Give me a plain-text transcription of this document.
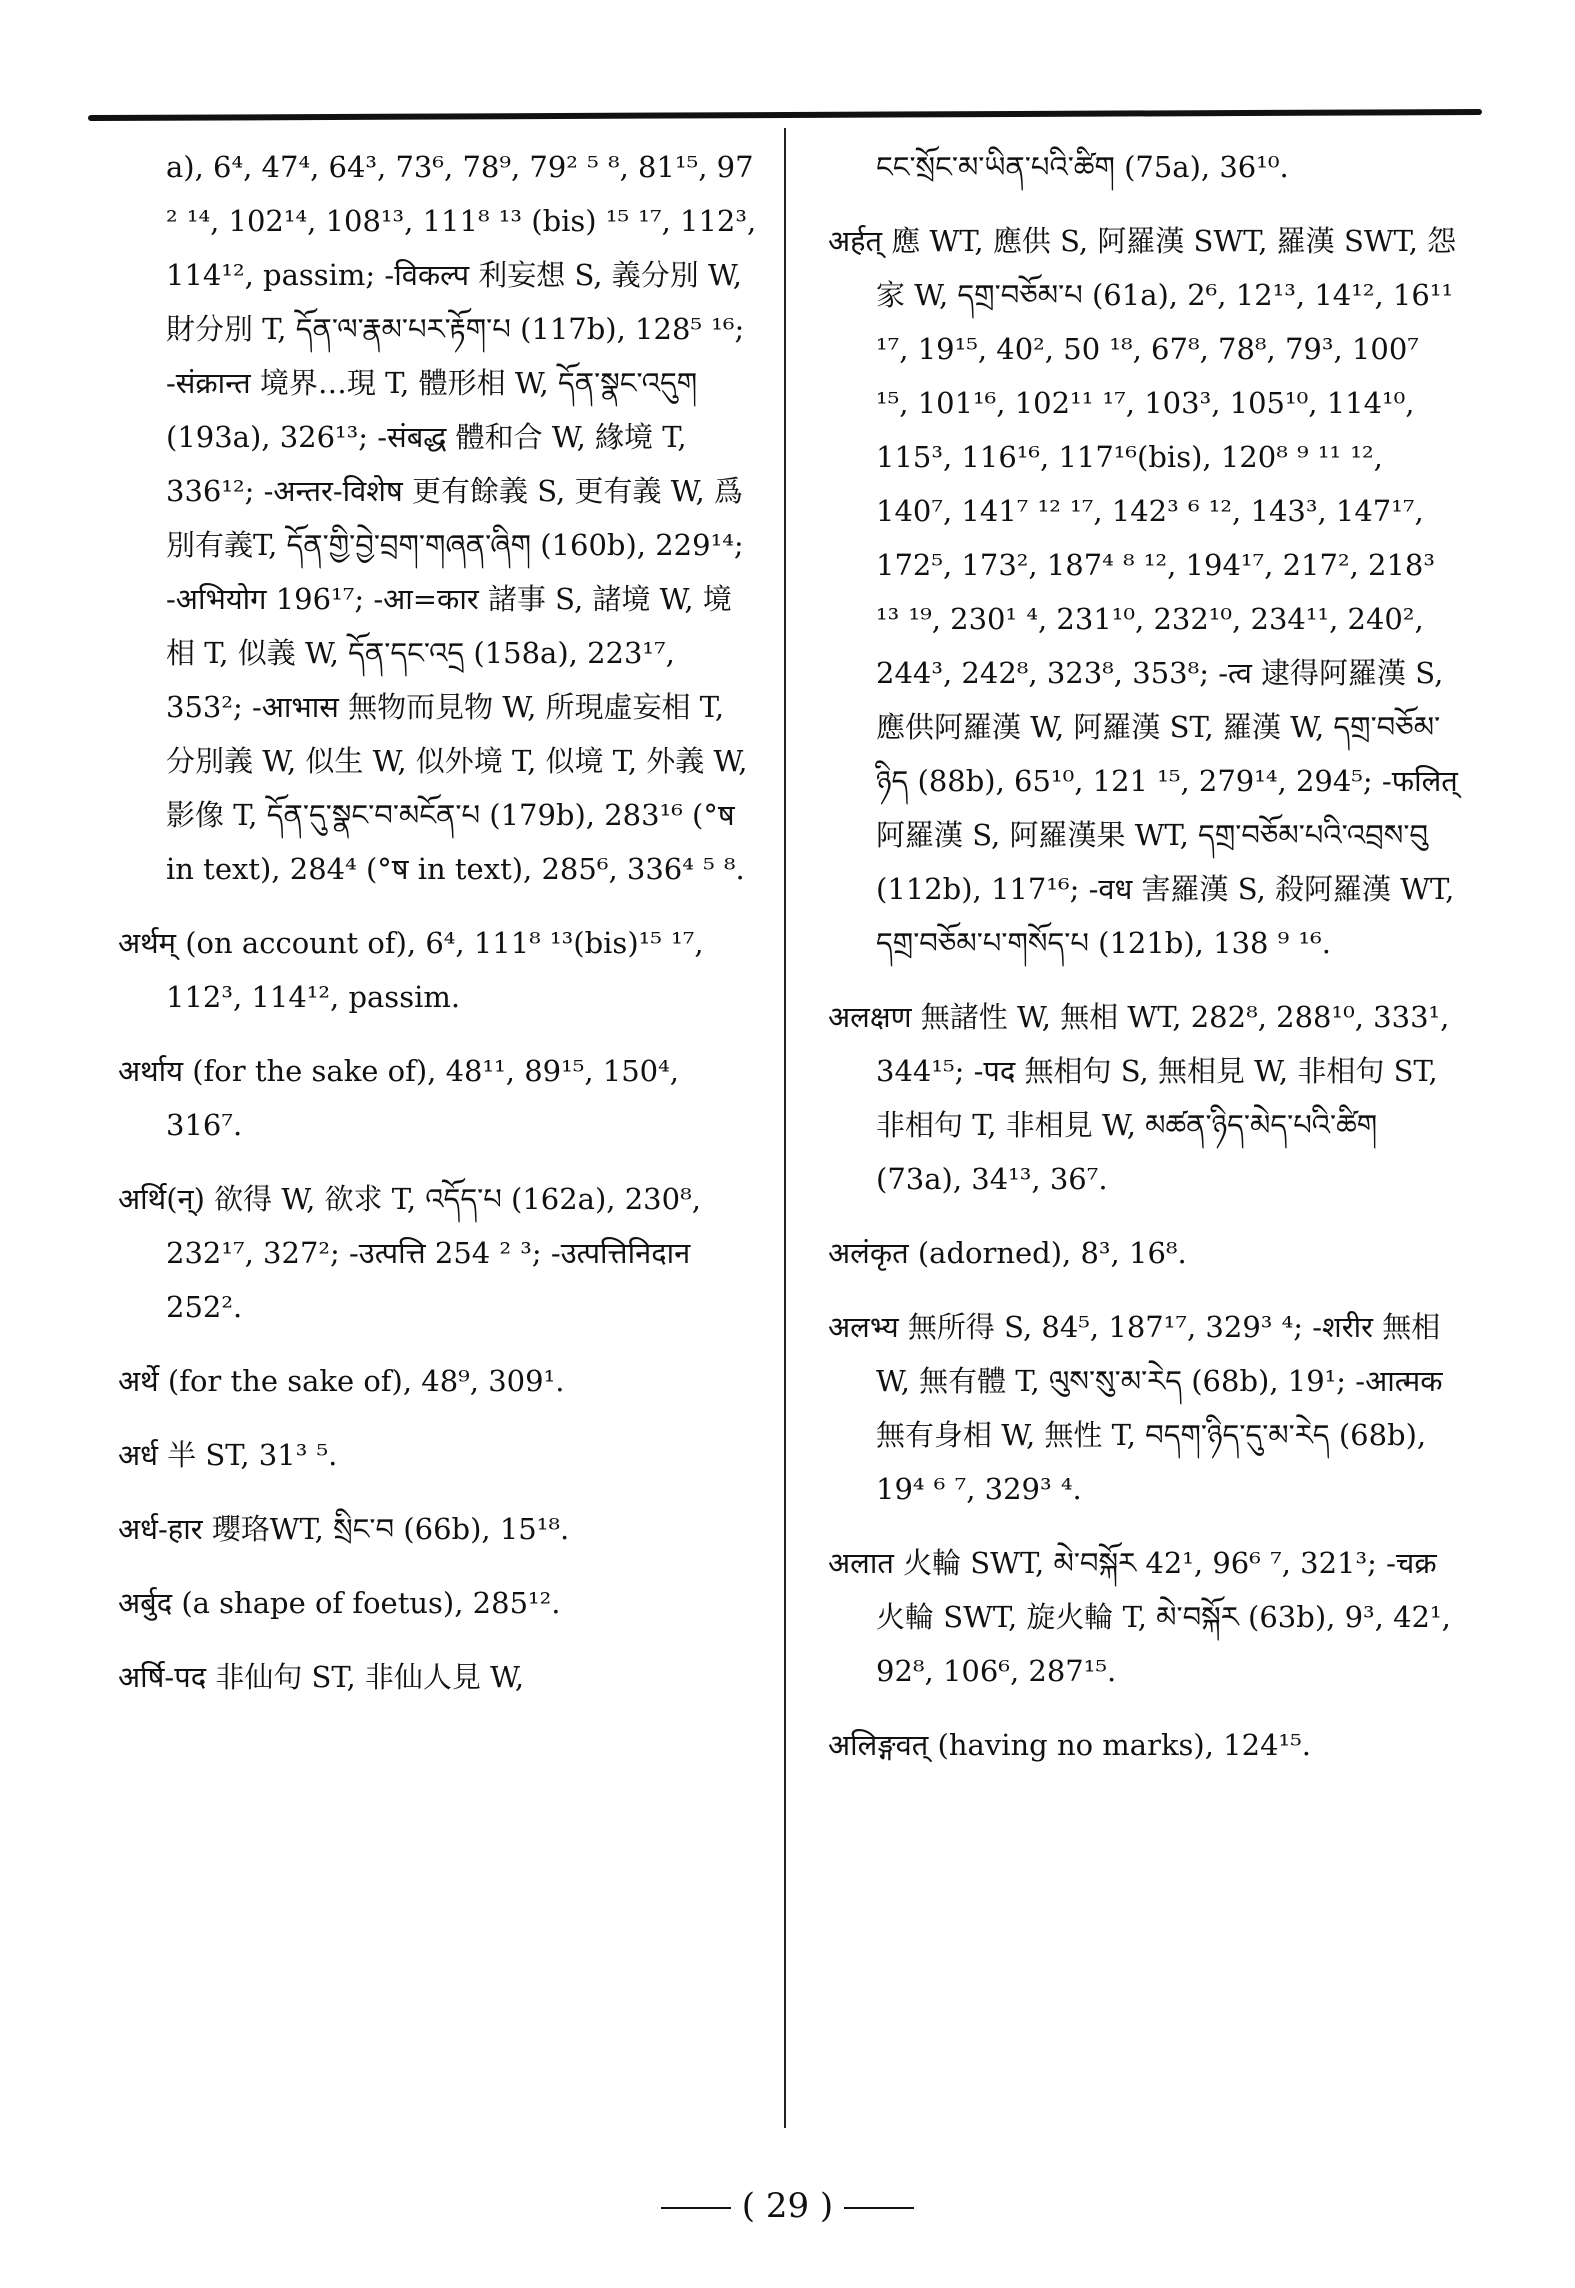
a), 6⁴, 47⁴, 64³, 73⁶, 78⁹, 79² ⁵ ⁸, 81¹⁵, 97 ² ¹⁴, 102¹⁴, 108¹³, 111⁸ ¹³ (bis) ¹⁵ ¹⁷, 112³, 114¹², passim; -विकल्प 利妄想 S, 義分別 W, 財分別 T, དོན་ལ་རྣམ་པར་རྟོག་པ (117b), 128⁵ ¹⁶; -संक्रान्त 境界…現 T, 體形相 W, དོན་སྣང་འདུག (193a), 326¹³; -संबद्ध 體和合 W, 緣境 T, 336¹²; -अन्तर-विशेष 更有餘義 S, 更有義 W, 爲別有義T, དོན་གྱི་བྱེ་བྲག་གཞན་ཞིག (160b), 229¹⁴; -अभियोग 196¹⁷; -आ=कार 諸事 S, 諸境 W, 境相 T, 似義 W, དོན་དང་འདྲ (158a), 223¹⁷, 353²; -आभास 無物而見物 W, 所現虛妄相 T, 分別義 W, 似生 W, 似外境 T, 似境 T, 外義 W, 影像 T, དོན་དུ་སྣང་བ་མངོན་པ (179b), 283¹⁶ (°ष in text), 284⁴ (°ष in text), 285⁶, 336⁴ ⁵ ⁸.

अर्थम् (on account of), 6⁴, 111⁸ ¹³(bis)¹⁵ ¹⁷, 112³, 114¹², passim.

अर्थाय (for the sake of), 48¹¹, 89¹⁵, 150⁴, 316⁷.

अर्थि(न्) 欲得 W, 欲求 T, འདོད་པ (162a), 230⁸, 232¹⁷, 327²; -उत्पत्ति 254 ² ³; -उत्पत्तिनिदान 252².

अर्थे (for the sake of), 48⁹, 309¹.

अर्ध 半 ST, 31³ ⁵.

अर्ध-हार 瓔珞WT, སྲིང་བ (66b), 15¹⁸.

अर्बुद (a shape of foetus), 285¹².

अर्षि-पद 非仙句 ST, 非仙人見 W,

ངང་སྲོང་མ་ཡིན་པའི་ཚིག (75a), 36¹⁰.

अर्हत् 應 WT, 應供 S, 阿羅漢 SWT, 羅漢 SWT, 怨家 W, དགྲ་བཅོམ་པ (61a), 2⁶, 12¹³, 14¹², 16¹¹ ¹⁷, 19¹⁵, 40², 50 ¹⁸, 67⁸, 78⁸, 79³, 100⁷ ¹⁵, 101¹⁶, 102¹¹ ¹⁷, 103³, 105¹⁰, 114¹⁰, 115³, 116¹⁶, 117¹⁶(bis), 120⁸ ⁹ ¹¹ ¹², 140⁷, 141⁷ ¹² ¹⁷, 142³ ⁶ ¹², 143³, 147¹⁷, 172⁵, 173², 187⁴ ⁸ ¹², 194¹⁷, 217², 218³ ¹³ ¹⁹, 230¹ ⁴, 231¹⁰, 232¹⁰, 234¹¹, 240², 244³, 242⁸, 323⁸, 353⁸; -त्व 逮得阿羅漢 S, 應供阿羅漢 W, 阿羅漢 ST, 羅漢 W, དགྲ་བཅོམ་ཉིད (88b), 65¹⁰, 121 ¹⁵, 279¹⁴, 294⁵; -फलित् 阿羅漢 S, 阿羅漢果 WT, དགྲ་བཅོམ་པའི་འབྲས་བུ (112b), 117¹⁶; -वध 害羅漢 S, 殺阿羅漢 WT, དགྲ་བཅོམ་པ་གསོད་པ (121b), 138 ⁹ ¹⁶.

अलक्षण 無諸性 W, 無相 WT, 282⁸, 288¹⁰, 333¹, 344¹⁵; -पद 無相句 S, 無相見 W, 非相句 ST, 非相句 T, 非相見 W, མཚན་ཉིད་མེད་པའི་ཚིག (73a), 34¹³, 36⁷.

अलंकृत (adorned), 8³, 16⁸.

अलभ्य 無所得 S, 84⁵, 187¹⁷, 329³ ⁴; -शरीर 無相 W, 無有體 T, ལུས་སུ་མ་རེད (68b), 19¹; -आत्मक 無有身相 W, 無性 T, བདག་ཉིད་དུ་མ་རེད (68b), 19⁴ ⁶ ⁷, 329³ ⁴.

अलात 火輪 SWT, མེ་བསྐོར 42¹, 96⁶ ⁷, 321³; -चक्र 火輪 SWT, 旋火輪 T, མེ་བསྐོར (63b), 9³, 42¹, 92⁸, 106⁶, 287¹⁵.

अलिङ्गवत् (having no marks), 124¹⁵.

( 29 )
